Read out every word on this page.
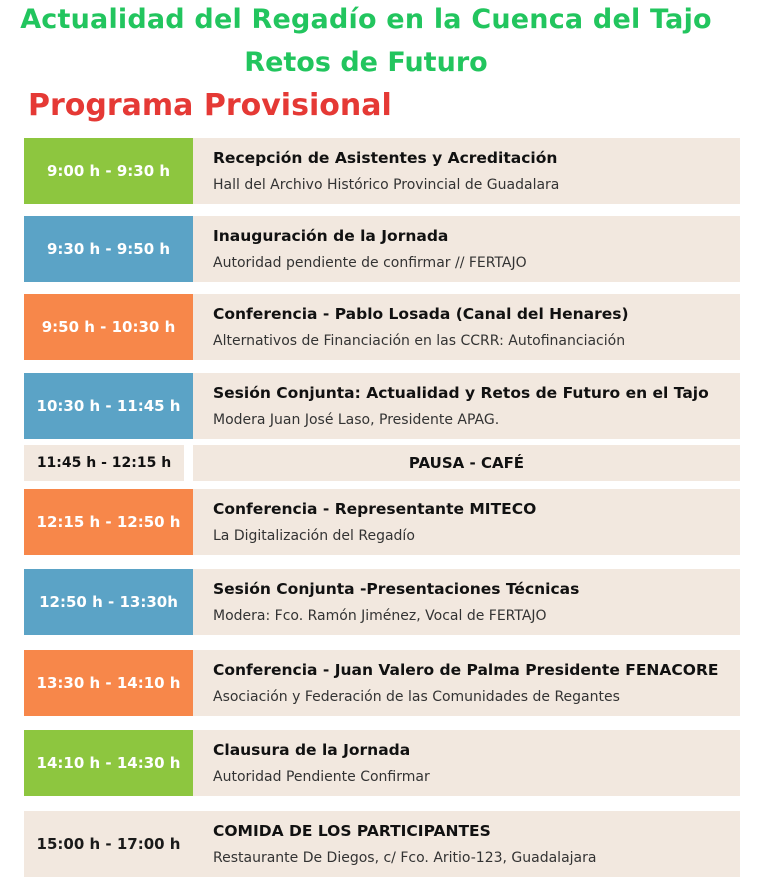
Actualidad del Regadío en la Cuenca del Tajo
Retos de Futuro
Programa Provisional
9:00 h - 9:30 h
Recepción de Asistentes y Acreditación
Hall del Archivo Histórico Provincial de Guadalara
9:30 h - 9:50 h
Inauguración de la Jornada
Autoridad pendiente de confirmar // FERTAJO
9:50 h - 10:30 h
Conferencia - Pablo Losada (Canal del Henares)
Alternativos de Financiación en las CCRR: Autofinanciación
10:30 h - 11:45 h
Sesión Conjunta: Actualidad y Retos de Futuro en el Tajo
Modera Juan José Laso, Presidente APAG.
11:45 h - 12:15 h	PAUSA - CAFÉ
12:15 h - 12:50 h
Conferencia - Representante MITECO
La Digitalización del Regadío
12:50 h - 13:30h
Sesión Conjunta -Presentaciones Técnicas
Modera: Fco. Ramón Jiménez, Vocal de FERTAJO
13:30 h - 14:10 h
Conferencia - Juan Valero de Palma Presidente FENACORE
Asociación y Federación de las Comunidades de Regantes
14:10 h - 14:30 h
Clausura de la Jornada
Autoridad Pendiente Confirmar
15:00 h - 17:00 h
COMIDA DE LOS PARTICIPANTES
Restaurante De Diegos, c/ Fco. Aritio-123, Guadalajara
